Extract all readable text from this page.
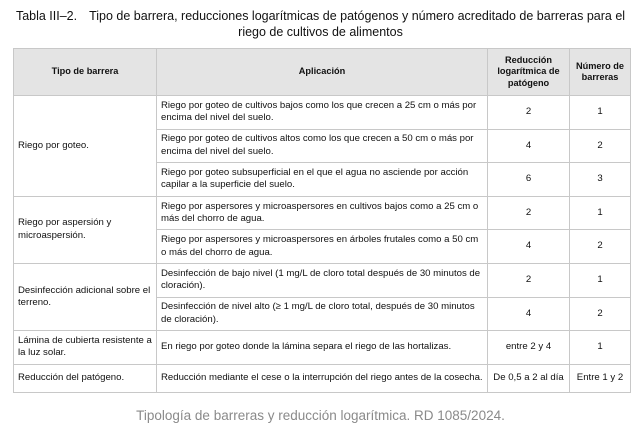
Tabla III–2. Tipo de barrera, reducciones logarítmicas de patógenos y número acreditado de barreras para el
riego de cultivos de alimentos
Tipo de barrera	Aplicación	Reducción logarítmica de patógeno	Número de barreras
Riego por goteo.	Riego por goteo de cultivos bajos como los que crecen a 25 cm o más por encima del nivel del suelo.	2	1
	Riego por goteo de cultivos altos como los que crecen a 50 cm o más por encima del nivel del suelo.	4	2
	Riego por goteo subsuperficial en el que el agua no asciende por acción capilar a la superficie del suelo.	6	3
Riego por aspersión y microaspersión.	Riego por aspersores y microaspersores en cultivos bajos como a 25 cm o más del chorro de agua.	2	1
	Riego por aspersores y microaspersores en árboles frutales como a 50 cm o más del chorro de agua.	4	2
Desinfección adicional sobre el terreno.	Desinfección de bajo nivel (1 mg/L de cloro total después de 30 minutos de cloración).	2	1
	Desinfección de nivel alto (≥ 1 mg/L de cloro total, después de 30 minutos de cloración).	4	2
Lámina de cubierta resistente a la luz solar.	En riego por goteo donde la lámina separa el riego de las hortalizas.	entre 2 y 4	1
Reducción del patógeno.	Reducción mediante el cese o la interrupción del riego antes de la cosecha.	De 0,5 a 2 al día	Entre 1 y 2
Tipología de barreras y reducción logarítmica. RD 1085/2024.
